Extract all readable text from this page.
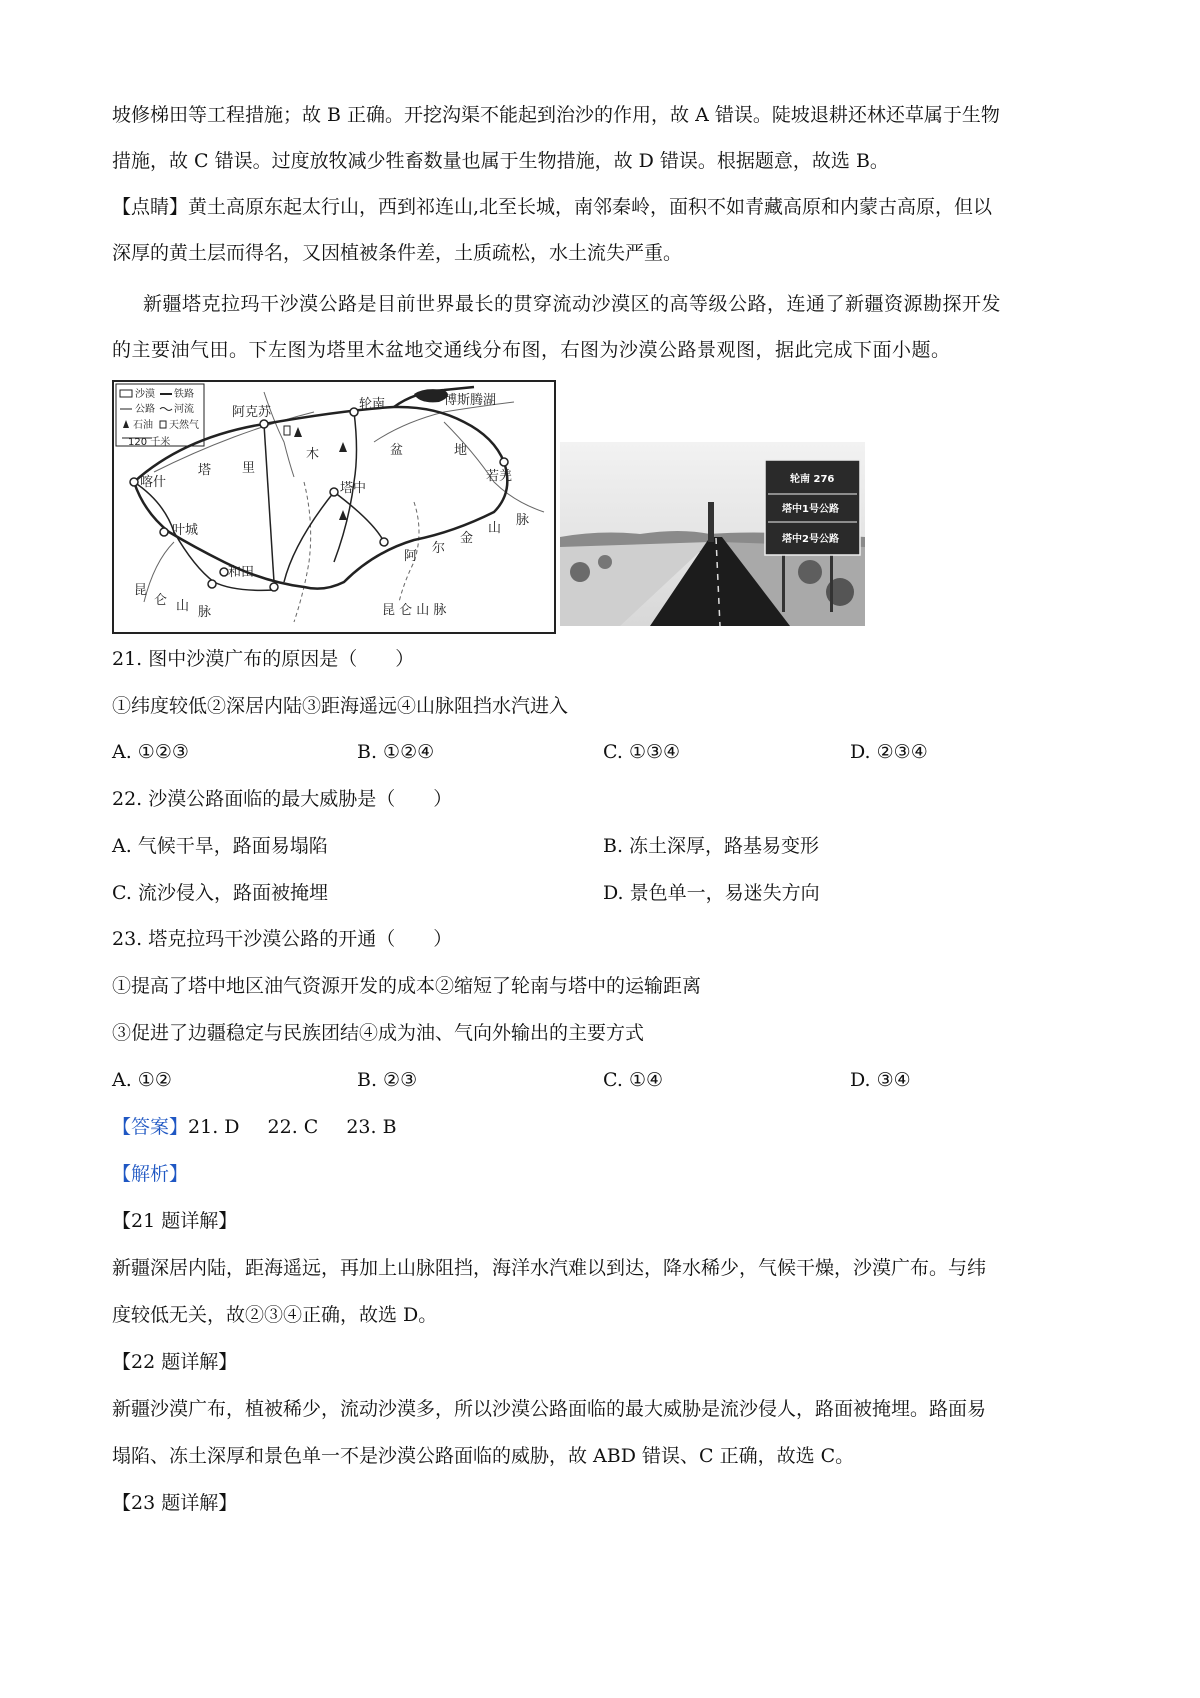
坡修梯田等工程措施；故 B 正确。开挖沟渠不能起到治沙的作用，故 A 错误。陡坡退耕还林还草属于生物
措施，故 C 错误。过度放牧减少牲畜数量也属于生物措施，故 D 错误。根据题意，故选 B。
【点睛】黄土高原东起太行山，西到祁连山,北至长城，南邻秦岭，面积不如青藏高原和内蒙古高原，但以
深厚的黄土层而得名，又因植被条件差，土质疏松，水土流失严重。
新疆塔克拉玛干沙漠公路是目前世界最长的贯穿流动沙漠区的高等级公路，连通了新疆资源勘探开发
的主要油气田。下左图为塔里木盆地交通线分布图，右图为沙漠公路景观图，据此完成下面小题。
沙漠 铁路
公路 河流
石油 天然气
120 千米
阿克苏
轮南	博斯腾湖
喀什
叶城
和田
塔中
若羌
塔 里
木	盆	地
阿
尔
金
山
脉
昆 仑 山 脉
昆
仑 山 脉
轮南 276
塔中1号公路
塔中2号公路
21. 图中沙漠广布的原因是（　　）
①纬度较低②深居内陆③距海遥远④山脉阻挡水汽进入
A. ①②③	B. ①②④	C. ①③④	D. ②③④
22. 沙漠公路面临的最大威胁是（　　）
A. 气候干旱，路面易塌陷	B. 冻土深厚，路基易变形
C. 流沙侵入，路面被掩埋	D. 景色单一，易迷失方向
23. 塔克拉玛干沙漠公路的开通（　　）
①提高了塔中地区油气资源开发的成本②缩短了轮南与塔中的运输距离
③促进了边疆稳定与民族团结④成为油、气向外输出的主要方式
A. ①②	B. ②③	C. ①④	D. ③④
【答案】21. D 22. C 23. B
【解析】
【21 题详解】
新疆深居内陆，距海遥远，再加上山脉阻挡，海洋水汽难以到达，降水稀少，气候干燥，沙漠广布。与纬
度较低无关，故②③④正确，故选 D。
【22 题详解】
新疆沙漠广布，植被稀少，流动沙漠多，所以沙漠公路面临的最大威胁是流沙侵人，路面被掩埋。路面易
塌陷、冻土深厚和景色单一不是沙漠公路面临的威胁，故 ABD 错误、C 正确，故选 C。
【23 题详解】
